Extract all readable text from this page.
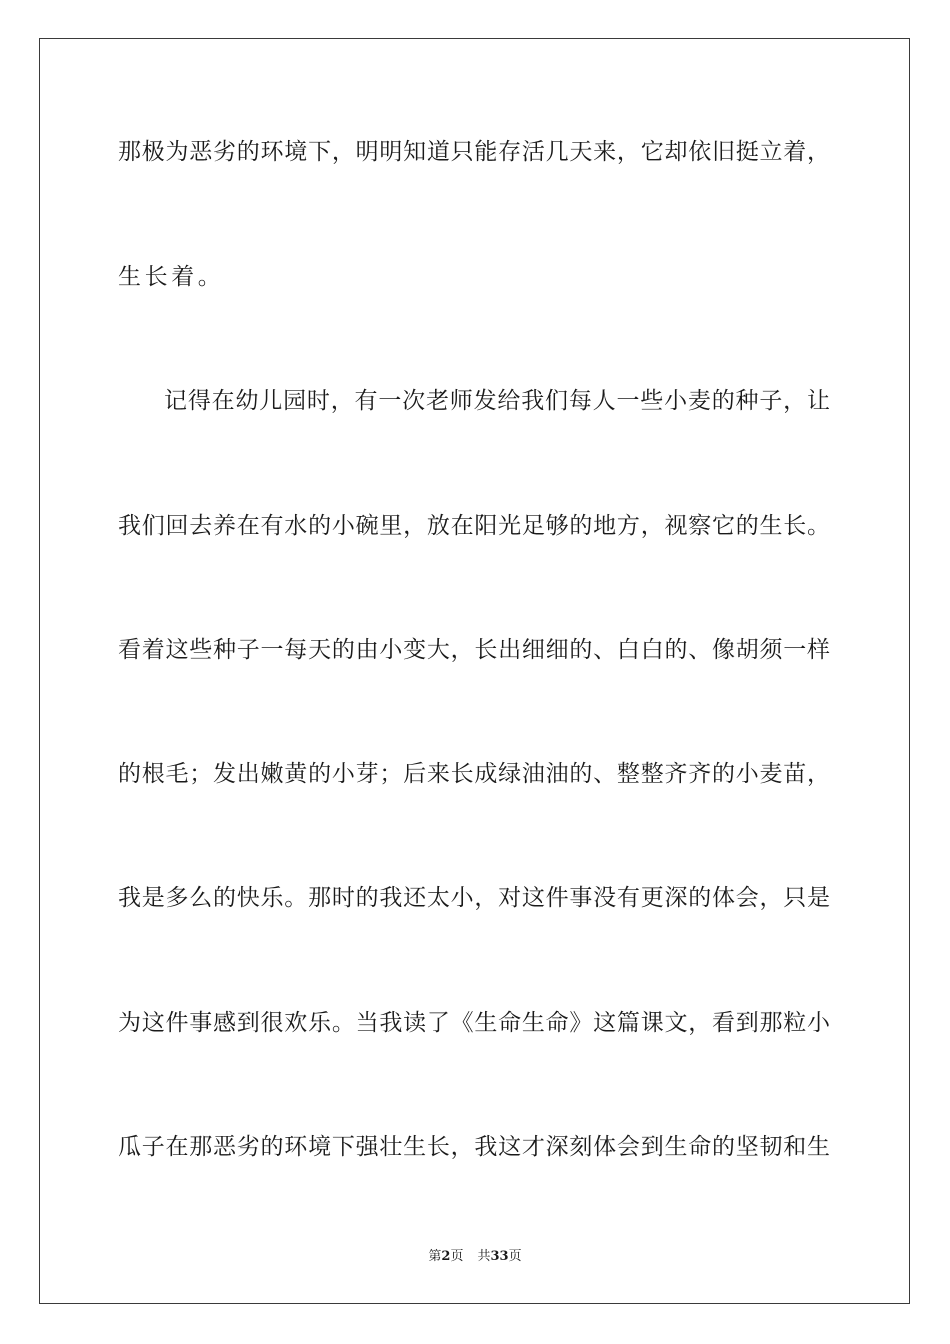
那极为恶劣的环境下，明明知道只能存活几天来，它却依旧挺立着，
生长着。
记得在幼儿园时，有一次老师发给我们每人一些小麦的种子，让
我们回去养在有水的小碗里，放在阳光足够的地方，视察它的生长。
看着这些种子一每天的由小变大，长出细细的、白白的、像胡须一样
的根毛；发出嫩黄的小芽；后来长成绿油油的、整整齐齐的小麦苗，
我是多么的快乐。那时的我还太小，对这件事没有更深的体会，只是
为这件事感到很欢乐。当我读了《生命生命》这篇课文，看到那粒小
瓜子在那恶劣的环境下强壮生长，我这才深刻体会到生命的坚韧和生
第2页 共33页
